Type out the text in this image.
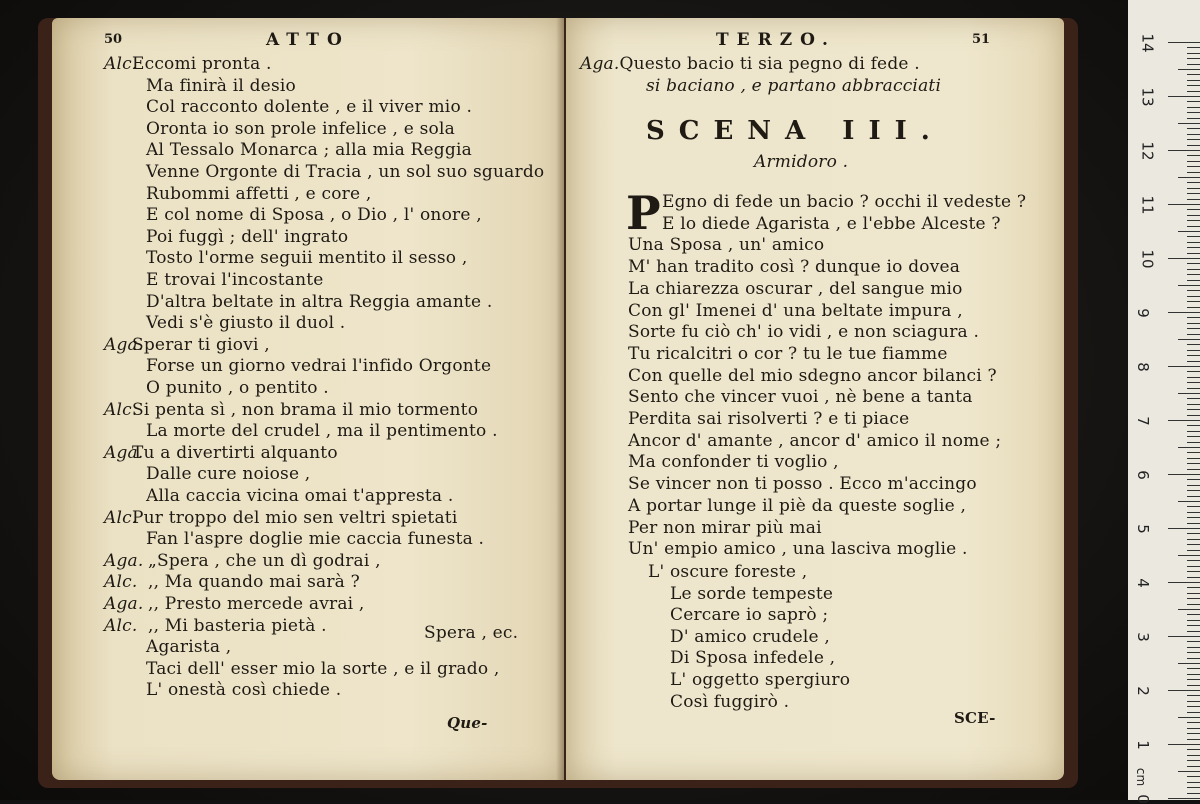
50	ATTO
Alc.
Eccomi pronta .
Ma finirà il desio
Col racconto dolente , e il viver mio .
Oronta io son prole infelice , e sola
Al Tessalo Monarca ; alla mia Reggia
Venne Orgonte di Tracia , un sol suo sguardo
Rubommi affetti , e core ,
E col nome di Sposa , o Dio , l' onore ,
Poi fuggì ; dell' ingrato
Tosto l'orme seguii mentito il sesso ,
E trovai l'incostante
D'altra beltate in altra Reggia amante .
Vedi s'è giusto il duol .
Aga.
Sperar ti giovi ,
Forse un giorno vedrai l'infido Orgonte
O punito , o pentito .
Alc.
Si penta sì , non brama il mio tormento
La morte del crudel , ma il pentimento .
Aga.
Tu a divertirti alquanto
Dalle cure noiose ,
Alla caccia vicina omai t'appresta .
Alc.
Pur troppo del mio sen veltri spietati
Fan l'aspre doglie mie caccia funesta .
Aga. „Spera , che un dì godrai ,
Alc. ,, Ma quando mai sarà ?
Aga. ,, Presto mercede avrai ,
Alc. ,, Mi basteria pietà .
Agarista ,
Taci dell' esser mio la sorte , e il grado ,
L' onestà così chiede .
Spera , ec.
Que-
TERZO.	51
Aga.Questo bacio ti sia pegno di fede .
si baciano , e partano abbracciati
SCENA III.
Armidoro .
P Egno di fede un bacio ? occhi il vedeste ?
E lo diede Agarista , e l'ebbe Alceste ?
Una Sposa , un' amico
M' han tradito così ? dunque io dovea
La chiarezza oscurar , del sangue mio
Con gl' Imenei d' una beltate impura ,
Sorte fu ciò ch' io vidi , e non sciagura .
Tu ricalcitri o cor ? tu le tue fiamme
Con quelle del mio sdegno ancor bilanci ?
Sento che vincer vuoi , nè bene a tanta
Perdita sai risolverti ? e ti piace
Ancor d' amante , ancor d' amico il nome ;
Ma confonder ti voglio ,
Se vincer non ti posso . Ecco m'accingo
A portar lunge il piè da queste soglie ,
Per non mirar più mai
Un' empio amico , una lasciva moglie .
L' oscure foreste ,
Le sorde tempeste
Cercare io saprò ;
D' amico crudele ,
Di Sposa infedele ,
L' oggetto spergiuro
Così fuggirò .
SCE-
14
13
12
11
10
9
8
7
6
5
4
3
2
1
0
cm
